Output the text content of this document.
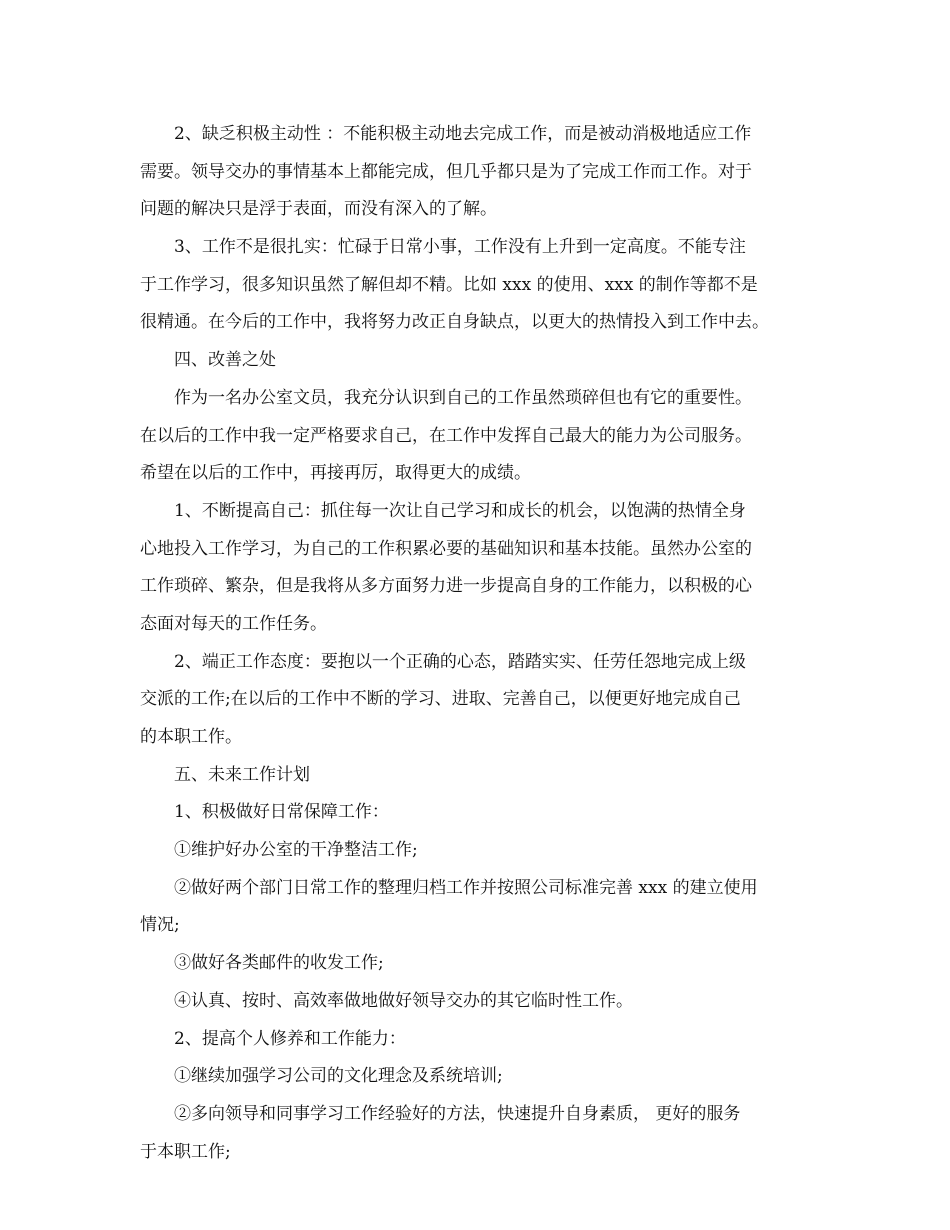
2、缺乏积极主动性 ：不能积极主动地去完成工作，而是被动消极地适应工作
需要。领导交办的事情基本上都能完成，但几乎都只是为了完成工作而工作。对于
问题的解决只是浮于表面，而没有深入的了解。
3、工作不是很扎实：忙碌于日常小事，工作没有上升到一定高度。不能专注
于工作学习，很多知识虽然了解但却不精。比如 xxx 的使用、xxx 的制作等都不是
很精通。在今后的工作中，我将努力改正自身缺点，以更大的热情投入到工作中去。
四、改善之处
作为一名办公室文员，我充分认识到自己的工作虽然琐碎但也有它的重要性。
在以后的工作中我一定严格要求自己，在工作中发挥自己最大的能力为公司服务。
希望在以后的工作中，再接再厉，取得更大的成绩。
1、不断提高自己：抓住每一次让自己学习和成长的机会，以饱满的热情全身
心地投入工作学习，为自己的工作积累必要的基础知识和基本技能。虽然办公室的
工作琐碎、繁杂，但是我将从多方面努力进一步提高自身的工作能力，以积极的心
态面对每天的工作任务。
2、端正工作态度：要抱以一个正确的心态，踏踏实实、任劳任怨地完成上级
交派的工作;在以后的工作中不断的学习、进取、完善自己，以便更好地完成自己
的本职工作。
五、未来工作计划
1、积极做好日常保障工作：
①维护好办公室的干净整洁工作;
②做好两个部门日常工作的整理归档工作并按照公司标准完善 xxx 的建立使用
情况;
③做好各类邮件的收发工作;
④认真、按时、高效率做地做好领导交办的其它临时性工作。
2、提高个人修养和工作能力：
①继续加强学习公司的文化理念及系统培训;
②多向领导和同事学习工作经验好的方法，快速提升自身素质， 更好的服务
于本职工作;
